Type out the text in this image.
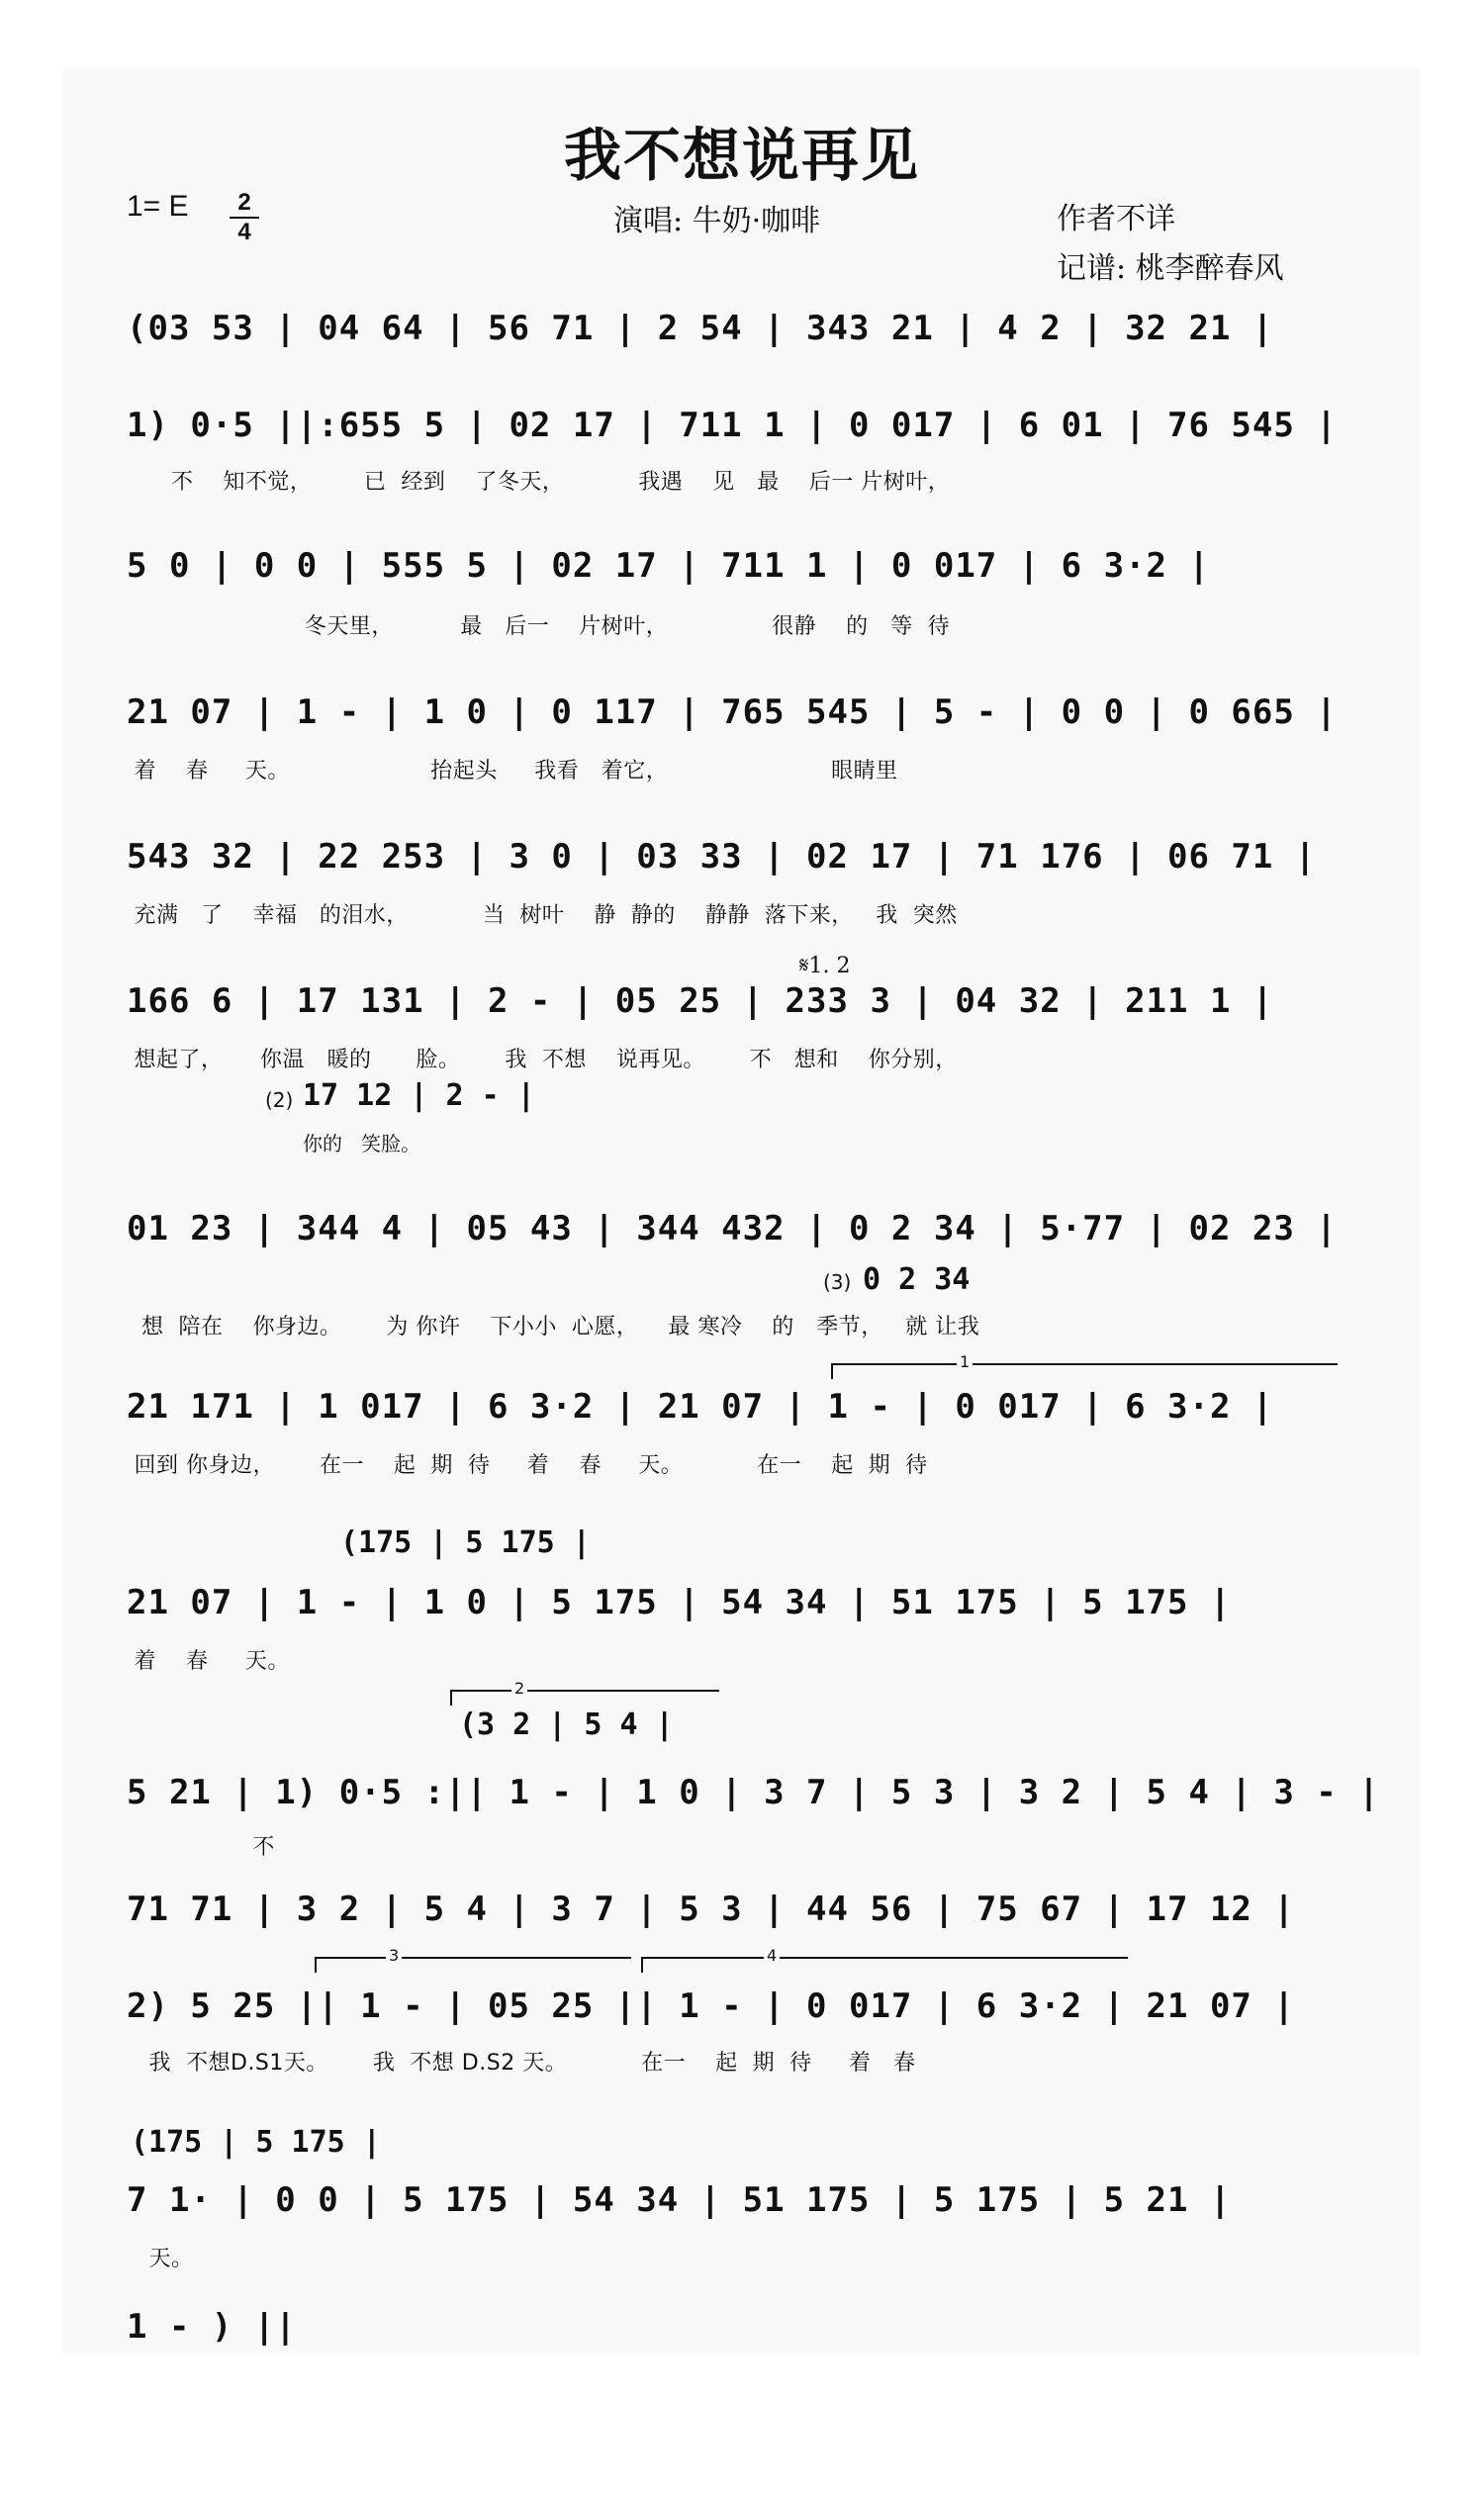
我不想说再见
1= E	2
4	演唱: 牛奶·咖啡	作者不详
记谱: 桃李醉春风
(03 53 | 04 64 | 56 71 | 2 54 | 343 21 | 4 2 | 32 21 |
1) 0·5 ||:655 5 | 02 17 | 711 1 | 0 017 | 6 01 | 76 545 |
不    知不觉，       已  经到    了冬天，          我遇    见   最    后一 片树叶，
5 0 | 0 0 | 555 5 | 02 17 | 711 1 | 0 017 | 6 3·2 |
冬天里，         最   后一    片树叶，              很静    的   等  待
21 07 | 1 - | 1 0 | 0 117 | 765 545 | 5 - | 0 0 | 0 665 |
着    春     天。                   抬起头     我看   着它，                      眼睛里
543 32 | 22 253 | 3 0 | 03 33 | 02 17 | 71 176 | 06 71 |
充满   了    幸福   的泪水，          当  树叶    静  静的    静静  落下来，   我  突然
𝄋1. 2
166 6 | 17 131 | 2 - | 05 25 | 233 3 | 04 32 | 211 1 |
想起了，     你温   暖的      脸。      我  不想    说再见。      不   想和    你分别，
(2) 17 12 | 2 - |
你的   笑脸。
01 23 | 344 4 | 05 43 | 344 432 | 0 2 34 | 5·77 | 02 23 |
(3) 0 2 34
想  陪在    你身边。      为 你许    下小小  心愿，    最 寒冷    的   季节，   就 让我
1
21 171 | 1 017 | 6 3·2 | 21 07 | 1 - | 0 017 | 6 3·2 |
回到 你身边，      在一    起  期  待     着    春     天。          在一    起  期  待
(175 | 5 175 |
21 07 | 1 - | 1 0 | 5 175 | 54 34 | 51 175 | 5 175 |
着    春     天。
2
(3 2 | 5 4 |
5 21 | 1) 0·5 :|| 1 - | 1 0 | 3 7 | 5 3 | 3 2 | 5 4 | 3 - |
不
71 71 | 3 2 | 5 4 | 3 7 | 5 3 | 44 56 | 75 67 | 17 12 |
3	4
2) 5 25 || 1 - | 05 25 || 1 - | 0 017 | 6 3·2 | 21 07 |
我  不想D.S1天。      我  不想 D.S2 天。          在一    起  期  待     着   春
(175 | 5 175 |
7 1· | 0 0 | 5 175 | 54 34 | 51 175 | 5 175 | 5 21 |
天。
1 - ) ||
